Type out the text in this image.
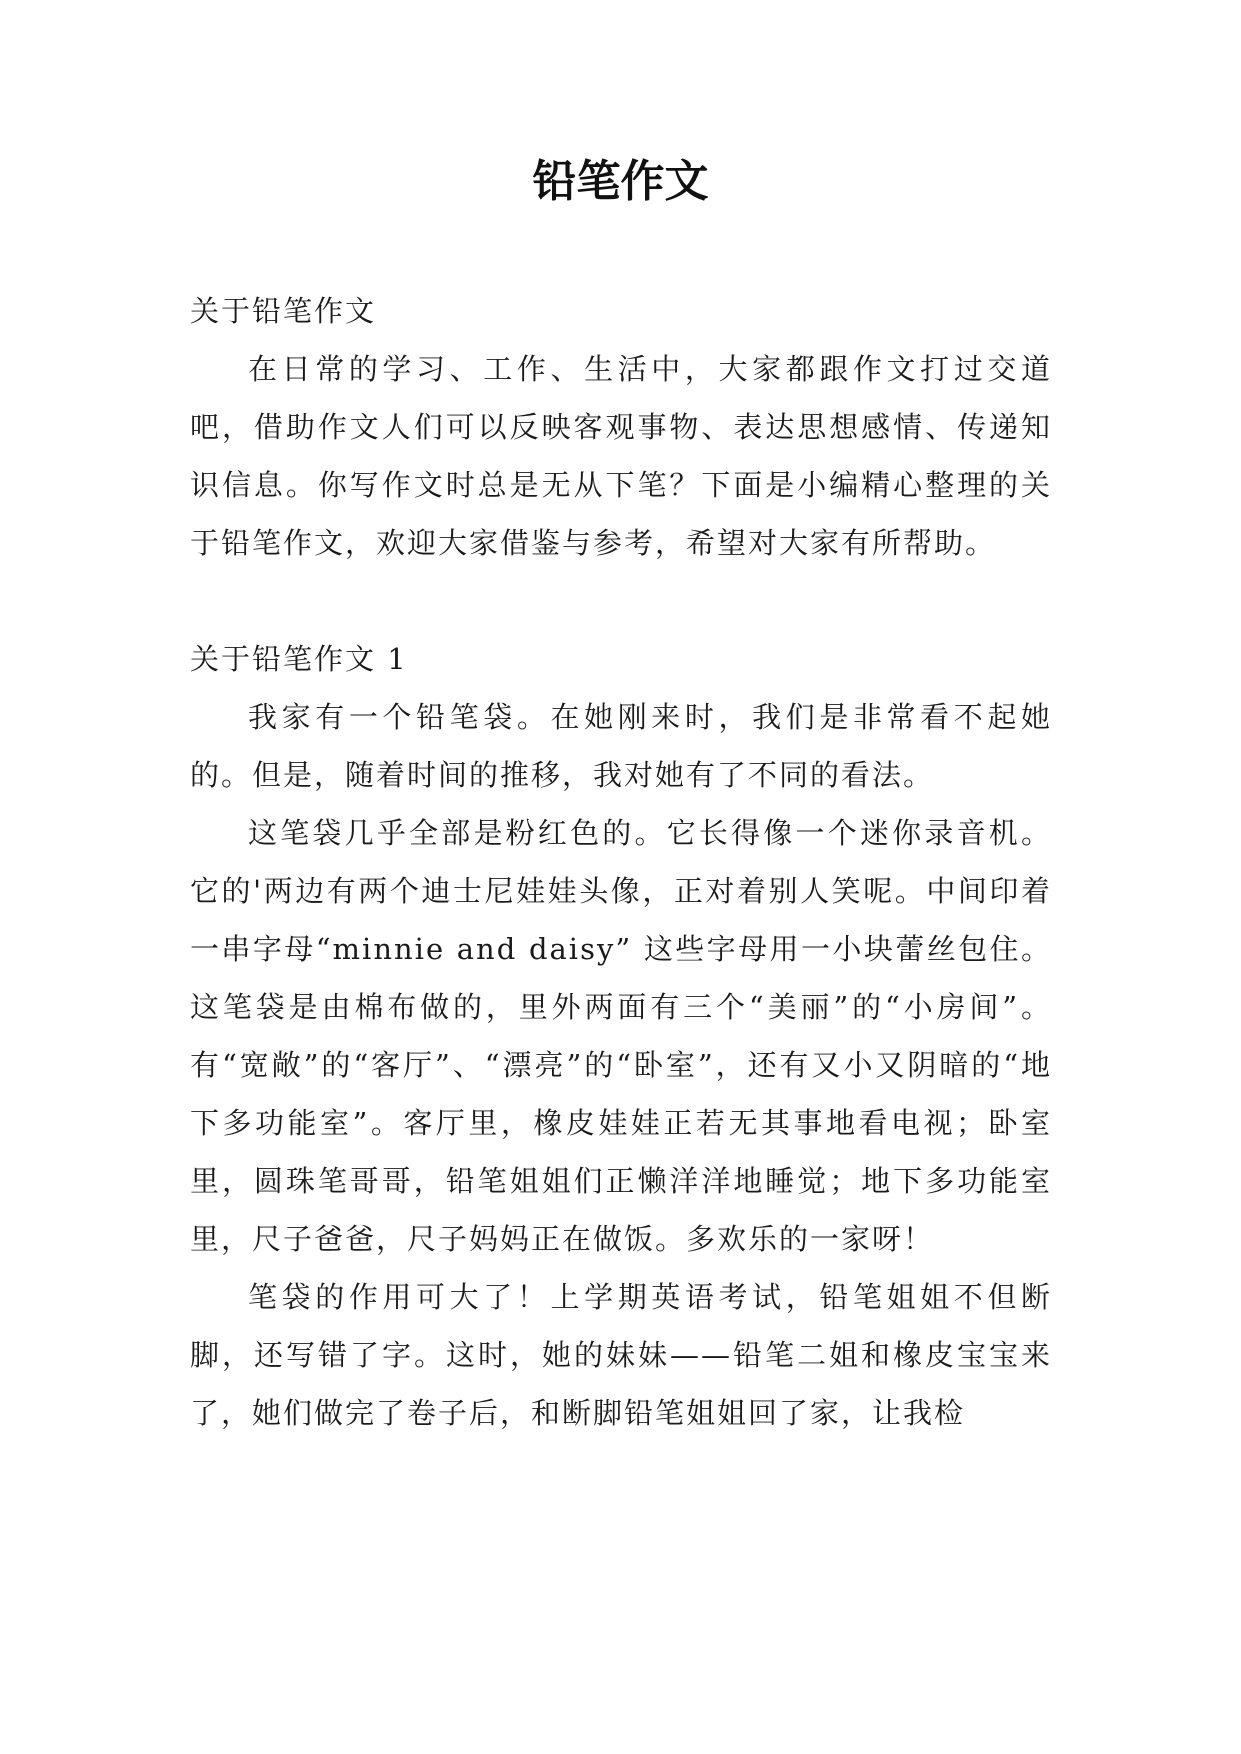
铅笔作文

关于铅笔作文

在日常的学习、工作、生活中，大家都跟作文打过交道吧，借助作文人们可以反映客观事物、表达思想感情、传递知识信息。你写作文时总是无从下笔？下面是小编精心整理的关于铅笔作文，欢迎大家借鉴与参考，希望对大家有所帮助。

关于铅笔作文 1

我家有一个铅笔袋。在她刚来时，我们是非常看不起她的。但是，随着时间的推移，我对她有了不同的看法。

这笔袋几乎全部是粉红色的。它长得像一个迷你录音机。它的'两边有两个迪士尼娃娃头像，正对着别人笑呢。中间印着一串字母“minnie and daisy” 这些字母用一小块蕾丝包住。这笔袋是由棉布做的，里外两面有三个“美丽”的“小房间”。有“宽敞”的“客厅”、“漂亮”的“卧室”，还有又小又阴暗的“地下多功能室”。客厅里，橡皮娃娃正若无其事地看电视；卧室里，圆珠笔哥哥，铅笔姐姐们正懒洋洋地睡觉；地下多功能室里，尺子爸爸，尺子妈妈正在做饭。多欢乐的一家呀！

笔袋的作用可大了！上学期英语考试，铅笔姐姐不但断脚，还写错了字。这时，她的妹妹——铅笔二姐和橡皮宝宝来了，她们做完了卷子后，和断脚铅笔姐姐回了家，让我检
